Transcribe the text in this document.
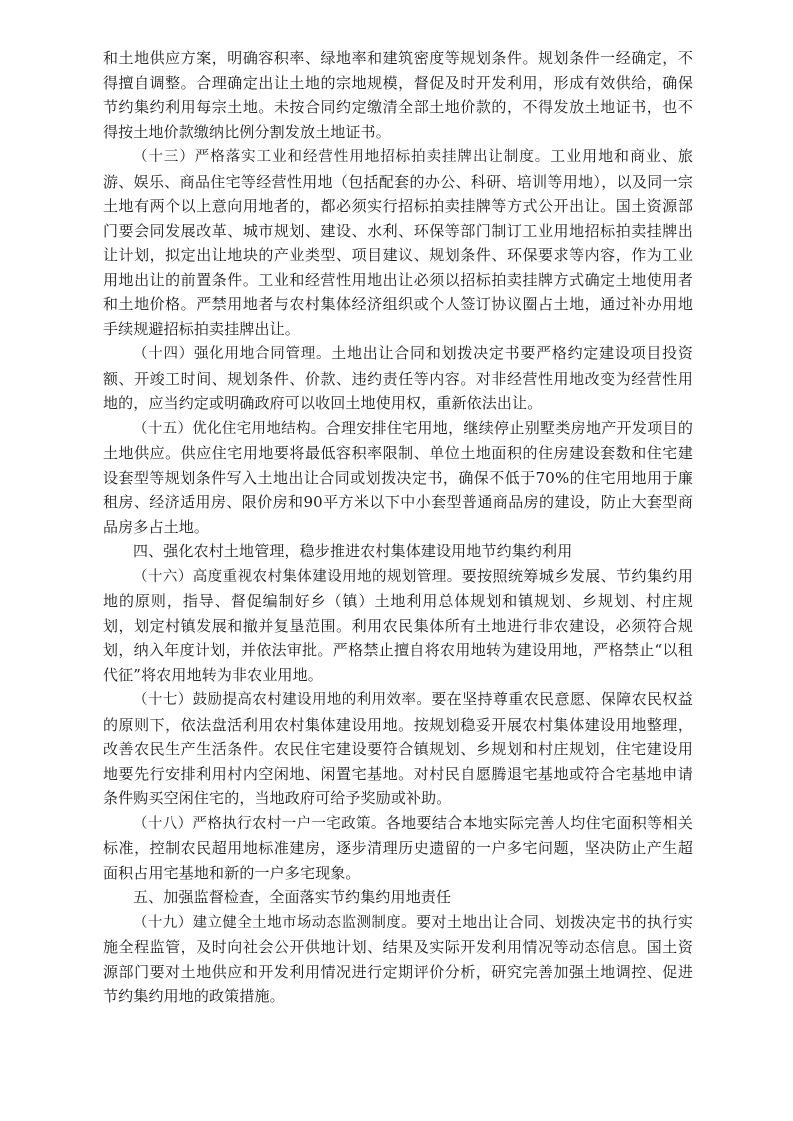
和土地供应方案，明确容积率、绿地率和建筑密度等规划条件。规划条件一经确定，不得擅自调整。合理确定出让土地的宗地规模，督促及时开发利用，形成有效供给，确保节约集约利用每宗土地。未按合同约定缴清全部土地价款的，不得发放土地证书，也不得按土地价款缴纳比例分割发放土地证书。

（十三）严格落实工业和经营性用地招标拍卖挂牌出让制度。工业用地和商业、旅游、娱乐、商品住宅等经营性用地（包括配套的办公、科研、培训等用地），以及同一宗土地有两个以上意向用地者的，都必须实行招标拍卖挂牌等方式公开出让。国土资源部门要会同发展改革、城市规划、建设、水利、环保等部门制订工业用地招标拍卖挂牌出让计划，拟定出让地块的产业类型、项目建议、规划条件、环保要求等内容，作为工业用地出让的前置条件。工业和经营性用地出让必须以招标拍卖挂牌方式确定土地使用者和土地价格。严禁用地者与农村集体经济组织或个人签订协议圈占土地，通过补办用地手续规避招标拍卖挂牌出让。

（十四）强化用地合同管理。土地出让合同和划拨决定书要严格约定建设项目投资额、开竣工时间、规划条件、价款、违约责任等内容。对非经营性用地改变为经营性用地的，应当约定或明确政府可以收回土地使用权，重新依法出让。

（十五）优化住宅用地结构。合理安排住宅用地，继续停止别墅类房地产开发项目的土地供应。供应住宅用地要将最低容积率限制、单位土地面积的住房建设套数和住宅建设套型等规划条件写入土地出让合同或划拨决定书，确保不低于70%的住宅用地用于廉租房、经济适用房、限价房和90平方米以下中小套型普通商品房的建设，防止大套型商品房多占土地。

四、强化农村土地管理，稳步推进农村集体建设用地节约集约利用

（十六）高度重视农村集体建设用地的规划管理。要按照统筹城乡发展、节约集约用地的原则，指导、督促编制好乡（镇）土地利用总体规划和镇规划、乡规划、村庄规划，划定村镇发展和撤并复垦范围。利用农民集体所有土地进行非农建设，必须符合规划，纳入年度计划，并依法审批。严格禁止擅自将农用地转为建设用地，严格禁止“以租代征”将农用地转为非农业用地。

（十七）鼓励提高农村建设用地的利用效率。要在坚持尊重农民意愿、保障农民权益的原则下，依法盘活利用农村集体建设用地。按规划稳妥开展农村集体建设用地整理，改善农民生产生活条件。农民住宅建设要符合镇规划、乡规划和村庄规划，住宅建设用地要先行安排利用村内空闲地、闲置宅基地。对村民自愿腾退宅基地或符合宅基地申请条件购买空闲住宅的，当地政府可给予奖励或补助。

（十八）严格执行农村一户一宅政策。各地要结合本地实际完善人均住宅面积等相关标准，控制农民超用地标准建房，逐步清理历史遗留的一户多宅问题，坚决防止产生超面积占用宅基地和新的一户多宅现象。

五、加强监督检查，全面落实节约集约用地责任

（十九）建立健全土地市场动态监测制度。要对土地出让合同、划拨决定书的执行实施全程监管，及时向社会公开供地计划、结果及实际开发利用情况等动态信息。国土资源部门要对土地供应和开发利用情况进行定期评价分析，研究完善加强土地调控、促进节约集约用地的政策措施。
